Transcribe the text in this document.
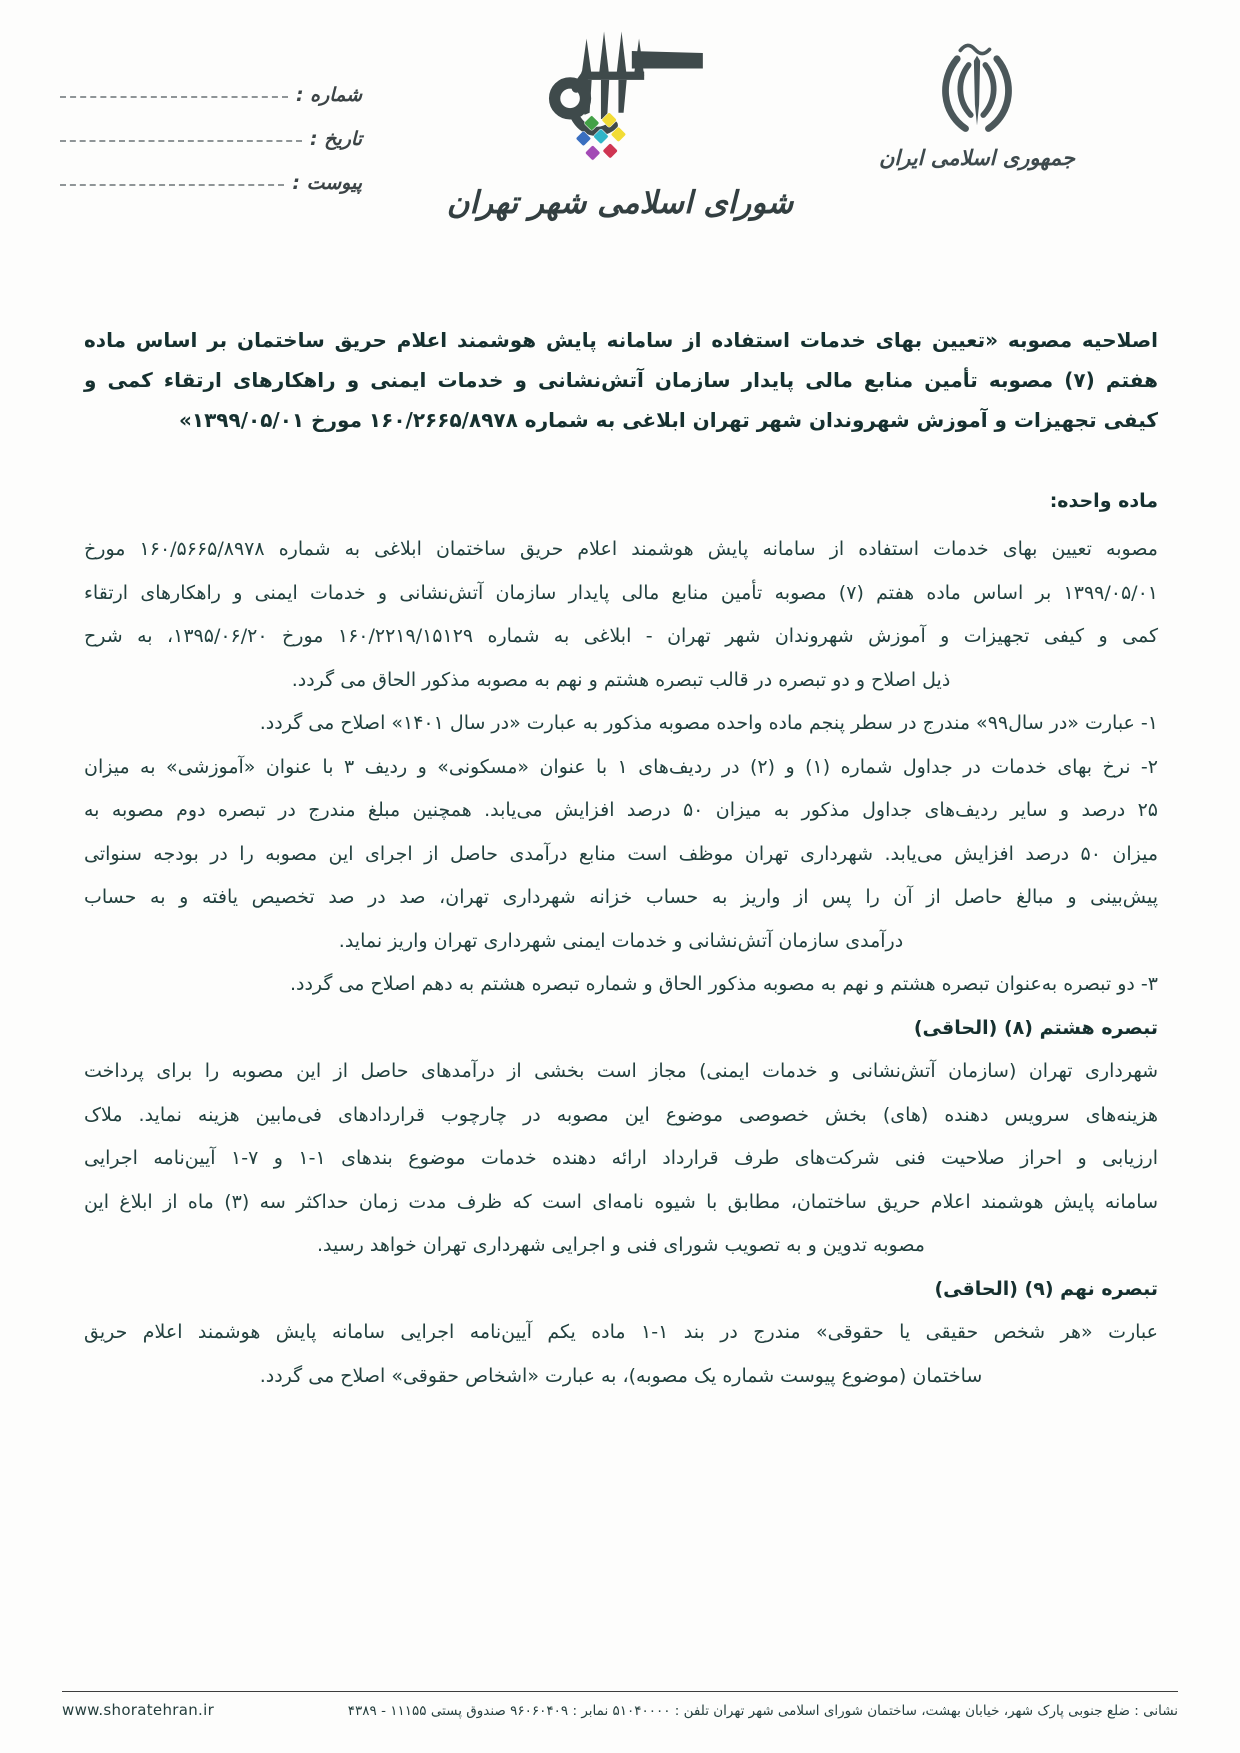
شماره :
تاریخ :
پیوست :
شورای اسلامی شهر تهران
جمهوری اسلامی ایران
اصلاحیه مصوبه «تعیین بهای خدمات استفاده از سامانه پایش هوشمند اعلام حریق ساختمان بر اساس ماده
هفتم (۷) مصوبه تأمین منابع مالی پایدار سازمان آتش‌نشانی و خدمات ایمنی و راهکارهای ارتقاء کمی و
کیفی تجهیزات و آموزش شهروندان شهر تهران ابلاغی به شماره ۱۶۰/۲۶۶۵/۸۹۷۸ مورخ ۱۳۹۹/۰۵/۰۱»
ماده واحده:
مصوبه تعیین بهای خدمات استفاده از سامانه پایش هوشمند اعلام حریق ساختمان ابلاغی به شماره ۱۶۰/۵۶۶۵/۸۹۷۸ مورخ
۱۳۹۹/۰۵/۰۱ بر اساس ماده هفتم (۷) مصوبه تأمین منابع مالی پایدار سازمان آتش‌نشانی و خدمات ایمنی و راهکارهای ارتقاء
کمی و کیفی تجهیزات و آموزش شهروندان شهر تهران - ابلاغی به شماره ۱۶۰/۲۲۱۹/۱۵۱۲۹ مورخ ۱۳۹۵/۰۶/۲۰، به شرح
ذیل اصلاح و دو تبصره در قالب تبصره هشتم و نهم به مصوبه مذکور الحاق می گردد.
۱- عبارت «در سال۹۹» مندرج در سطر پنجم ماده واحده مصوبه مذکور به عبارت «در سال ۱۴۰۱» اصلاح می گردد.
۲- نرخ بهای خدمات در جداول شماره (۱) و (۲) در ردیف‌های ۱ با عنوان «مسکونی» و ردیف ۳ با عنوان «آموزشی» به میزان
۲۵ درصد و سایر ردیف‌های جداول مذکور به میزان ۵۰ درصد افزایش می‌یابد. همچنین مبلغ مندرج در تبصره دوم مصوبه به
میزان ۵۰ درصد افزایش می‌یابد. شهرداری تهران موظف است منابع درآمدی حاصل از اجرای این مصوبه را در بودجه سنواتی
پیش‌بینی و مبالغ حاصل از آن را پس از واریز به حساب خزانه شهرداری تهران، صد در صد تخصیص یافته و به حساب
درآمدی سازمان آتش‌نشانی و خدمات ایمنی شهرداری تهران واریز نماید.
۳- دو تبصره به‌عنوان تبصره هشتم و نهم به مصوبه مذکور الحاق و شماره تبصره هشتم به دهم اصلاح می گردد.
تبصره هشتم (۸) (الحاقی)
شهرداری تهران (سازمان آتش‌نشانی و خدمات ایمنی) مجاز است بخشی از درآمدهای حاصل از این مصوبه را برای پرداخت
هزینه‌های سرویس دهنده (های) بخش خصوصی موضوع این مصوبه در چارچوب قراردادهای فی‌مابین هزینه نماید. ملاک
ارزیابی و احراز صلاحیت فنی شرکت‌های طرف قرارداد ارائه دهنده خدمات موضوع بندهای ۱-۱ و ۷-۱ آیین‌نامه اجرایی
سامانه پایش هوشمند اعلام حریق ساختمان، مطابق با شیوه نامه‌ای است که ظرف مدت زمان حداکثر سه (۳) ماه از ابلاغ این
مصوبه تدوین و به تصویب شورای فنی و اجرایی شهرداری تهران خواهد رسید.
تبصره نهم (۹) (الحاقی)
عبارت «هر شخص حقیقی یا حقوقی» مندرج در بند ۱-۱ ماده یکم آیین‌نامه اجرایی سامانه پایش هوشمند اعلام حریق
ساختمان (موضوع پیوست شماره یک مصوبه)، به عبارت «اشخاص حقوقی» اصلاح می گردد.
نشانی : ضلع جنوبی پارک شهر، خیابان بهشت، ساختمان شورای اسلامی شهر تهران تلفن : ۵۱۰۴۰۰۰۰ نمابر : ۹۶۰۶۰۴۰۹ صندوق پستی ۱۱۱۵۵ - ۴۳۸۹
www.shoratehran.ir
